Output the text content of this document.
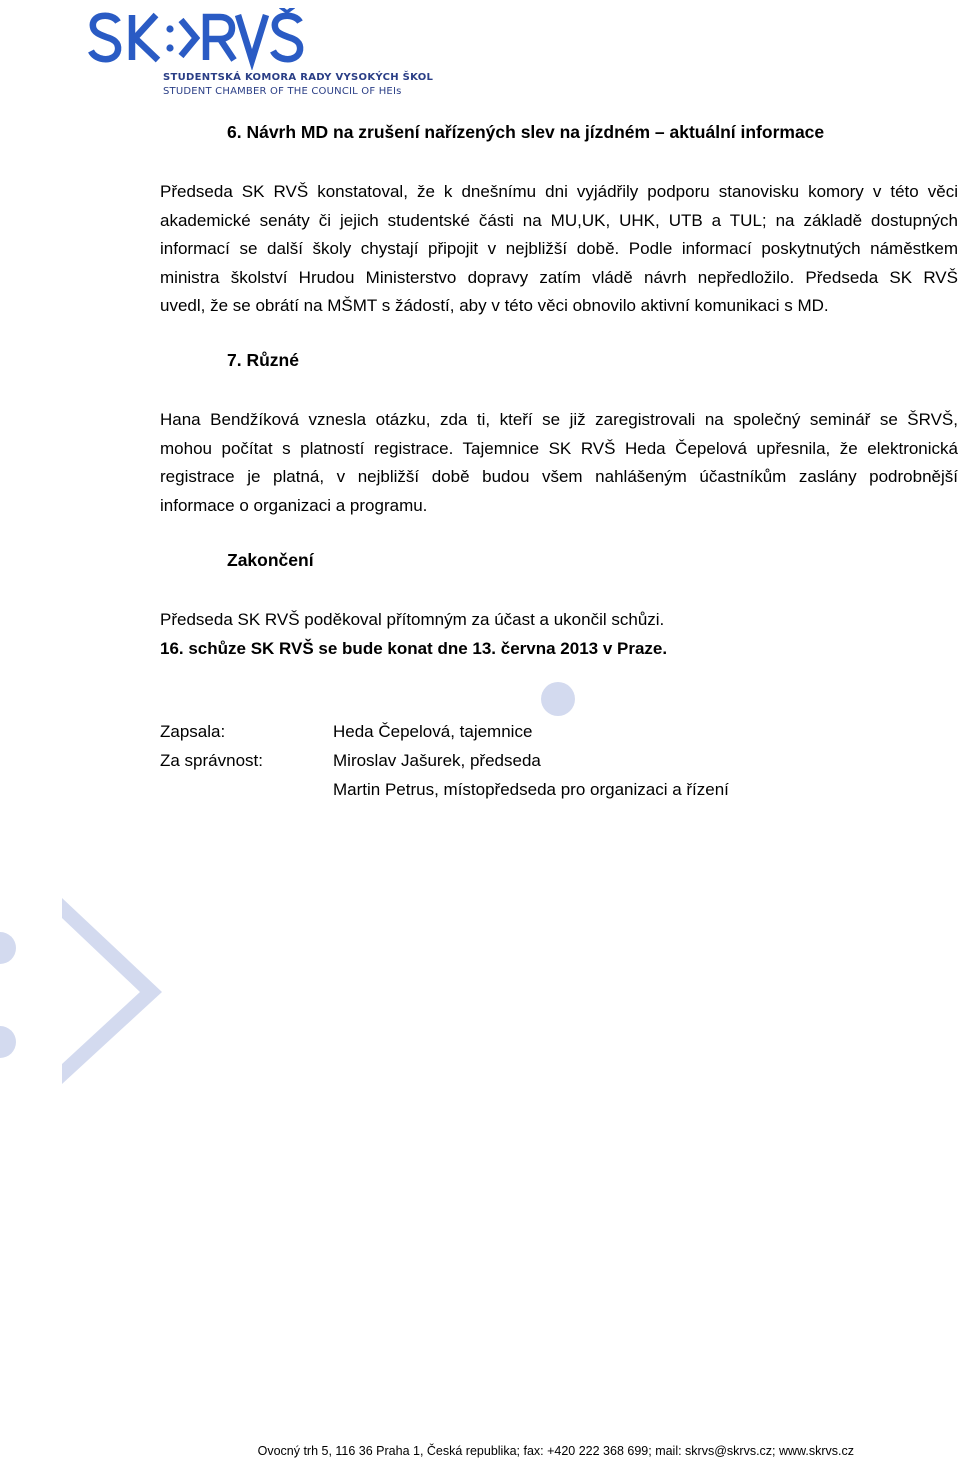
STUDENTSKÁ KOMORA RADY VYSOKÝCH ŠKOL
STUDENT CHAMBER OF THE COUNCIL OF HEIs
6. Návrh MD na zrušení nařízených slev na jízdném – aktuální informace
Předseda SK RVŠ konstatoval, že k dnešnímu dni vyjádřily podporu stanovisku komory v této věci
akademické senáty či jejich studentské části na MU,UK, UHK, UTB a TUL; na základě dostupných
informací se další školy chystají připojit v nejbližší době. Podle informací poskytnutých náměstkem
ministra školství Hrudou Ministerstvo dopravy zatím vládě návrh nepředložilo. Předseda SK RVŠ
uvedl, že se obrátí na MŠMT s žádostí, aby v této věci obnovilo aktivní komunikaci s MD.
7. Různé
Hana Bendžíková vznesla otázku, zda ti, kteří se již zaregistrovali na společný seminář se ŠRVŠ,
mohou počítat s platností registrace. Tajemnice SK RVŠ Heda Čepelová upřesnila, že elektronická
registrace je platná, v nejbližší době budou všem nahlášeným účastníkům zaslány podrobnější
informace o organizaci a programu.
Zakončení
Předseda SK RVŠ poděkoval přítomným za účast a ukončil schůzi.
16. schůze SK RVŠ se bude konat dne 13. června 2013 v Praze.
Zapsala:
Za správnost:
Heda Čepelová, tajemnice
Miroslav Jašurek, předseda
Martin Petrus, místopředseda pro organizaci a řízení
Ovocný trh 5, 116 36 Praha 1, Česká republika; fax: +420 222 368 699; mail: skrvs@skrvs.cz; www.skrvs.cz
